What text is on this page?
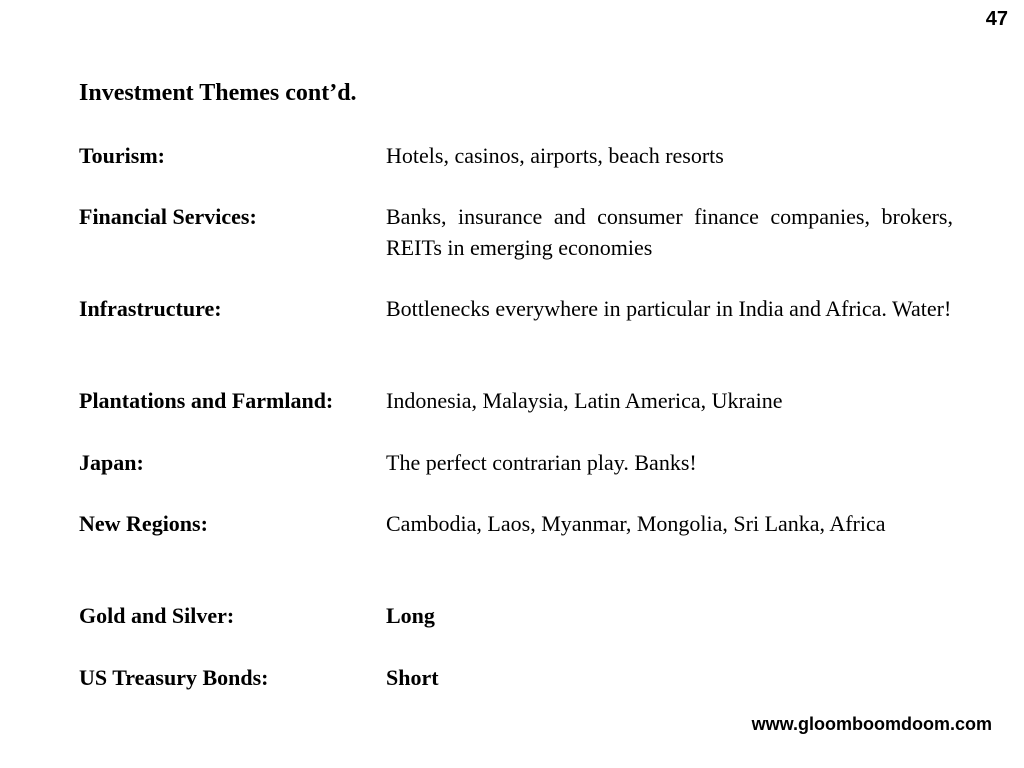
47
Investment Themes cont’d.
Tourism:	Hotels, casinos, airports, beach resorts
Financial Services:	Banks, insurance and consumer finance companies, brokers, REITs in emerging economies
Infrastructure:	Bottlenecks everywhere in particular in India and Africa. Water!
Plantations and Farmland: Indonesia, Malaysia, Latin America, Ukraine
Japan:	The perfect contrarian play. Banks!
New Regions:	Cambodia, Laos, Myanmar, Mongolia, Sri Lanka, Africa
Gold and Silver:	Long
US Treasury Bonds:	Short
www.gloomboomdoom.com
